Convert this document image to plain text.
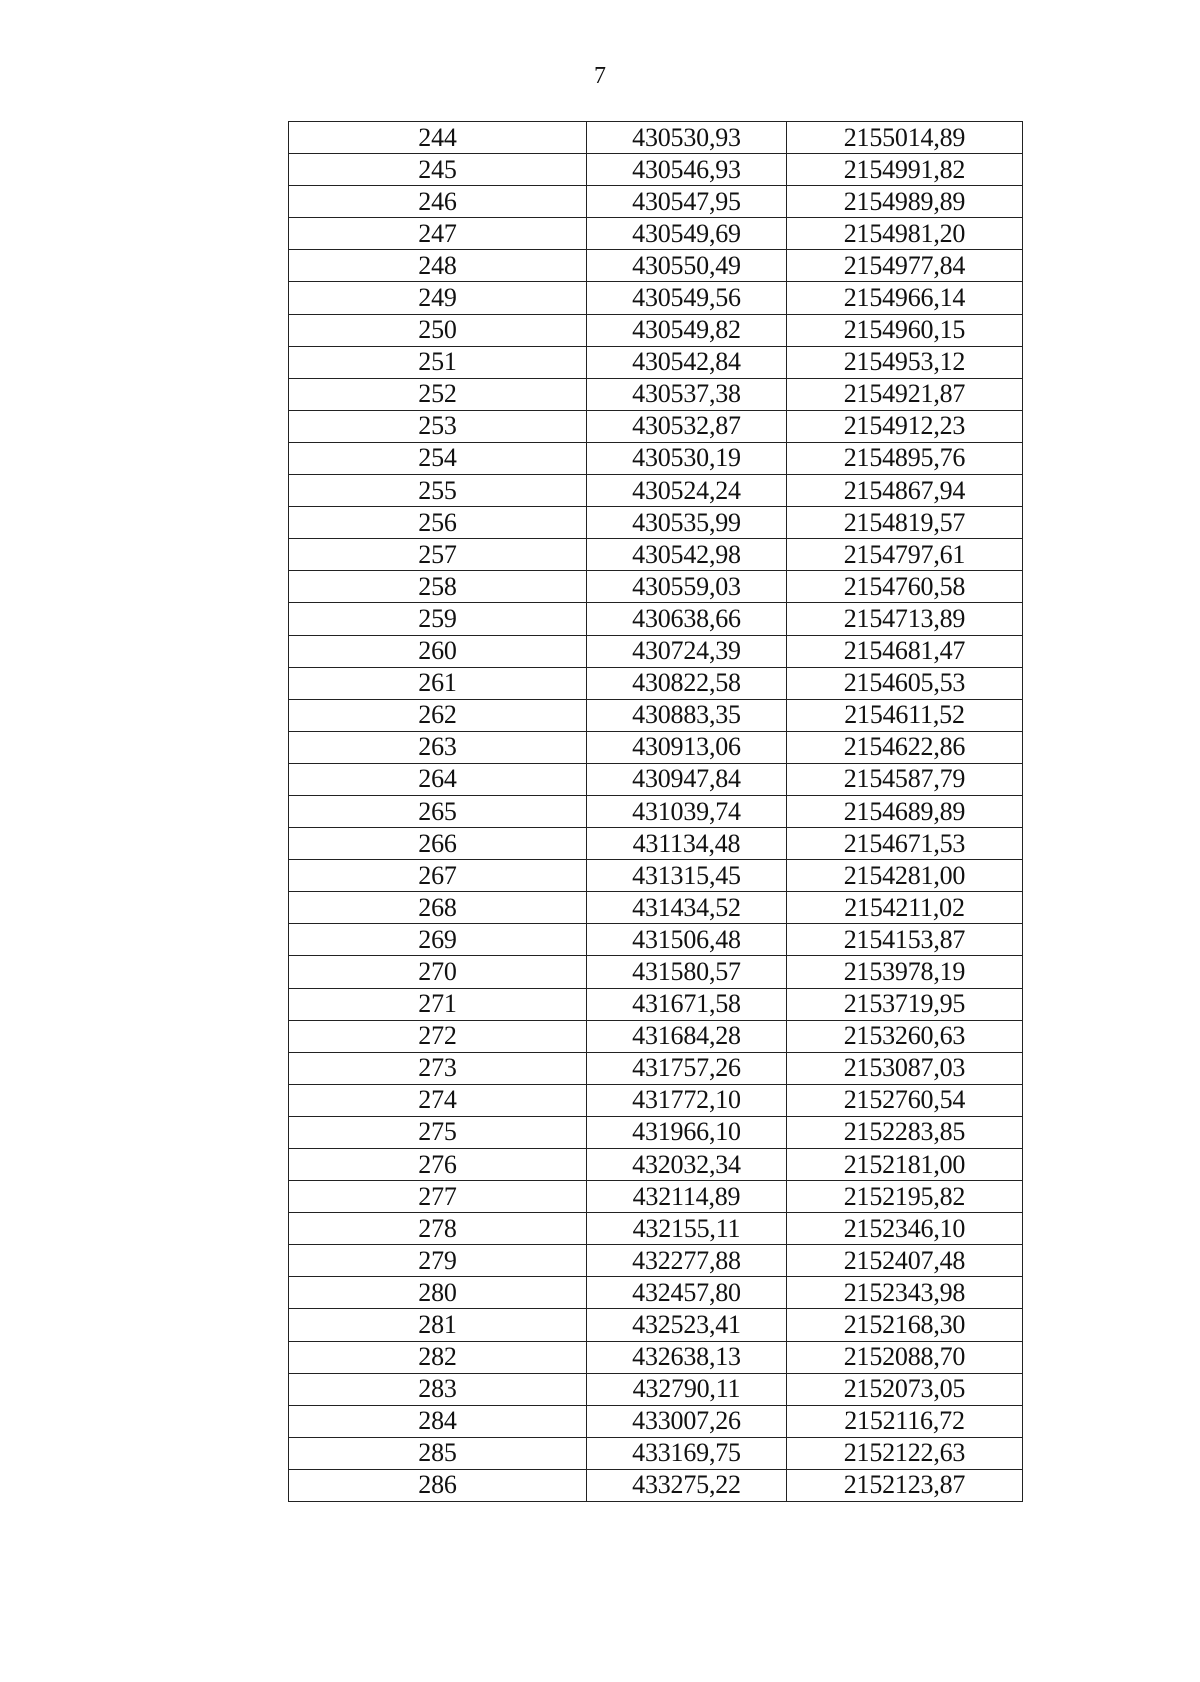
7
244	430530,93	2155014,89
245	430546,93	2154991,82
246	430547,95	2154989,89
247	430549,69	2154981,20
248	430550,49	2154977,84
249	430549,56	2154966,14
250	430549,82	2154960,15
251	430542,84	2154953,12
252	430537,38	2154921,87
253	430532,87	2154912,23
254	430530,19	2154895,76
255	430524,24	2154867,94
256	430535,99	2154819,57
257	430542,98	2154797,61
258	430559,03	2154760,58
259	430638,66	2154713,89
260	430724,39	2154681,47
261	430822,58	2154605,53
262	430883,35	2154611,52
263	430913,06	2154622,86
264	430947,84	2154587,79
265	431039,74	2154689,89
266	431134,48	2154671,53
267	431315,45	2154281,00
268	431434,52	2154211,02
269	431506,48	2154153,87
270	431580,57	2153978,19
271	431671,58	2153719,95
272	431684,28	2153260,63
273	431757,26	2153087,03
274	431772,10	2152760,54
275	431966,10	2152283,85
276	432032,34	2152181,00
277	432114,89	2152195,82
278	432155,11	2152346,10
279	432277,88	2152407,48
280	432457,80	2152343,98
281	432523,41	2152168,30
282	432638,13	2152088,70
283	432790,11	2152073,05
284	433007,26	2152116,72
285	433169,75	2152122,63
286	433275,22	2152123,87
